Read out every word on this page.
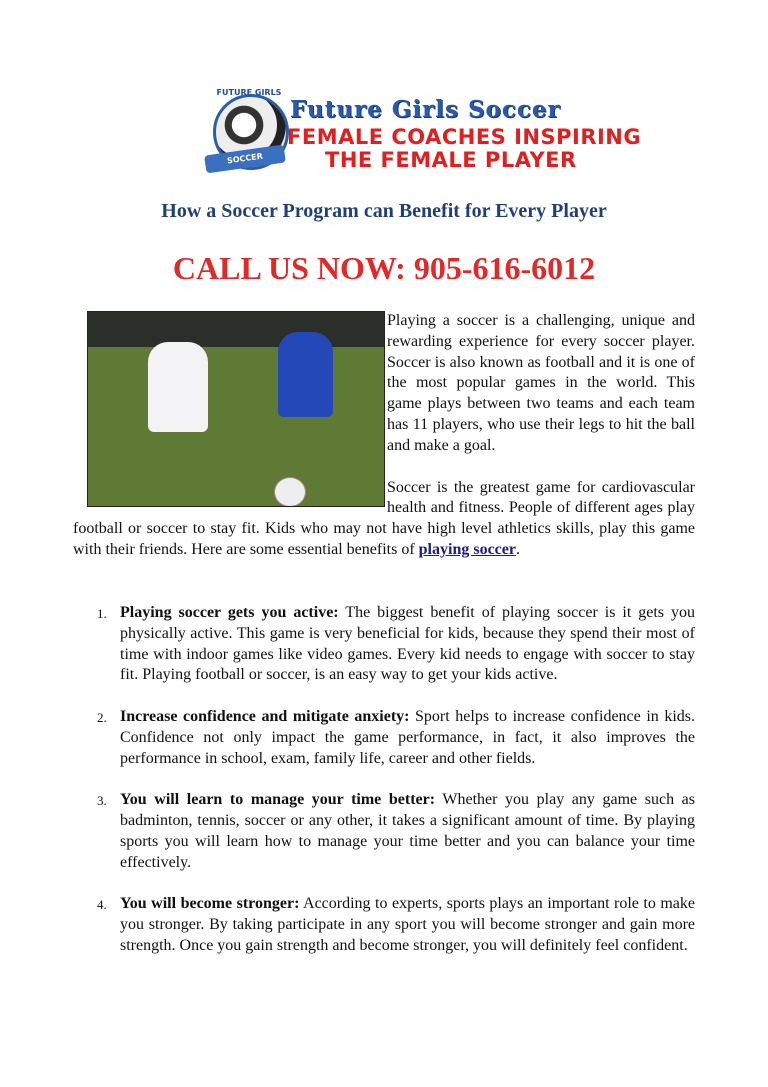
FUTURE GIRLS
SOCCER
Future Girls Soccer
FEMALE COACHES INSPIRING
THE FEMALE PLAYER
How a Soccer Program can Benefit for Every Player
CALL US NOW: 905-616-6012

Playing a soccer is a challenging, unique and rewarding experience for every soccer player. Soccer is also known as football and it is one of the most popular games in the world. This game plays between two teams and each team has 11 players, who use their legs to hit the ball and make a goal.

Soccer is the greatest game for cardiovascular health and fitness. People of different ages play football or soccer to stay fit. Kids who may not have high level athletics skills, play this game with their friends. Here are some essential benefits of playing soccer.

1. Playing soccer gets you active: The biggest benefit of playing soccer is it gets you physically active. This game is very beneficial for kids, because they spend their most of time with indoor games like video games. Every kid needs to engage with soccer to stay fit. Playing football or soccer, is an easy way to get your kids active.
2. Increase confidence and mitigate anxiety: Sport helps to increase confidence in kids. Confidence not only impact the game performance, in fact, it also improves the performance in school, exam, family life, career and other fields.
3. You will learn to manage your time better: Whether you play any game such as badminton, tennis, soccer or any other, it takes a significant amount of time. By playing sports you will learn how to manage your time better and you can balance your time effectively.
4. You will become stronger: According to experts, sports plays an important role to make you stronger. By taking participate in any sport you will become stronger and gain more strength. Once you gain strength and become stronger, you will definitely feel confident.
